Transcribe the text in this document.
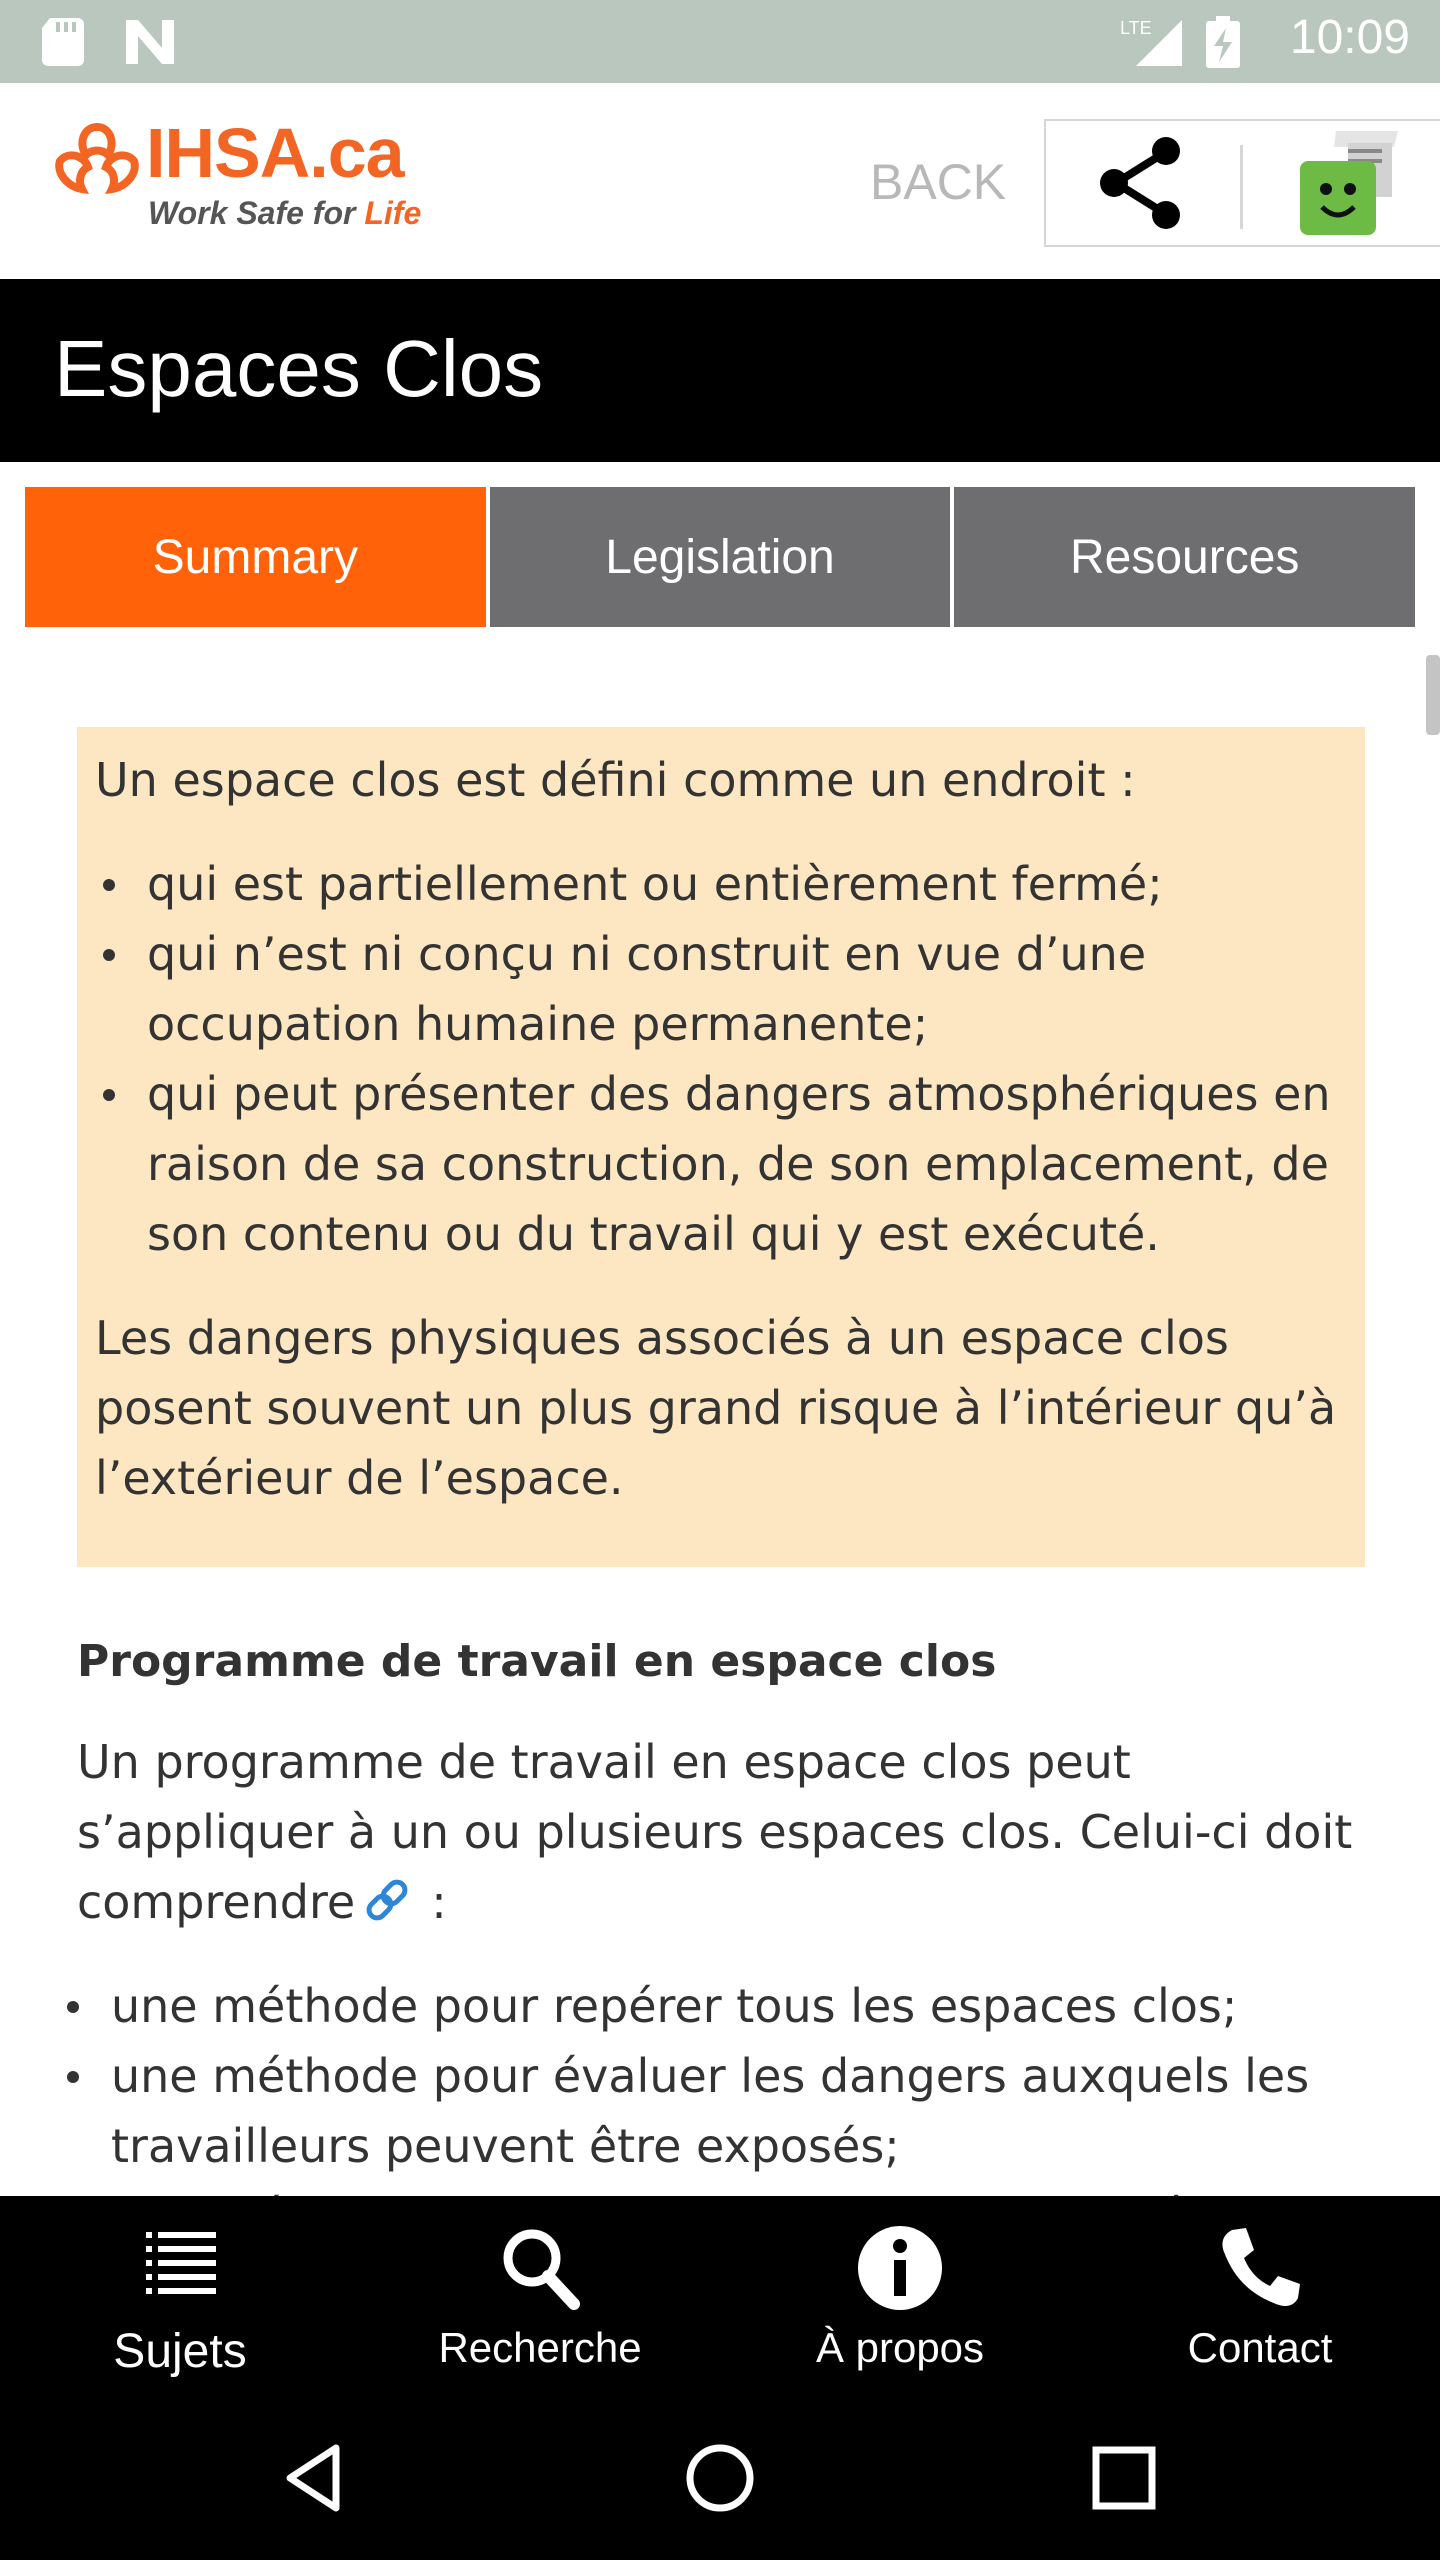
LTE	10:09
IHSA.ca
Work Safe for Life
BACK
Espaces Clos
Summary	Legislation	Resources

Un espace clos est défini comme un endroit :

qui est partiellement ou entièrement fermé;
qui n’est ni conçu ni construit en vue d’une occupation humaine permanente;
qui peut présenter des dangers atmosphériques en raison de sa construction, de son emplacement, de son contenu ou du travail qui y est exécuté.

Les dangers physiques associés à un espace clos posent souvent un plus grand risque à l’intérieur qu’à l’extérieur de l’espace.

Programme de travail en espace clos

Un programme de travail en espace clos peut s’appliquer à un ou plusieurs espaces clos. Celui-ci doit comprendre :

une méthode pour repérer tous les espaces clos;
une méthode pour évaluer les dangers auxquels les travailleurs peuvent être exposés;
Sujets	Recherche	À propos	Contact
